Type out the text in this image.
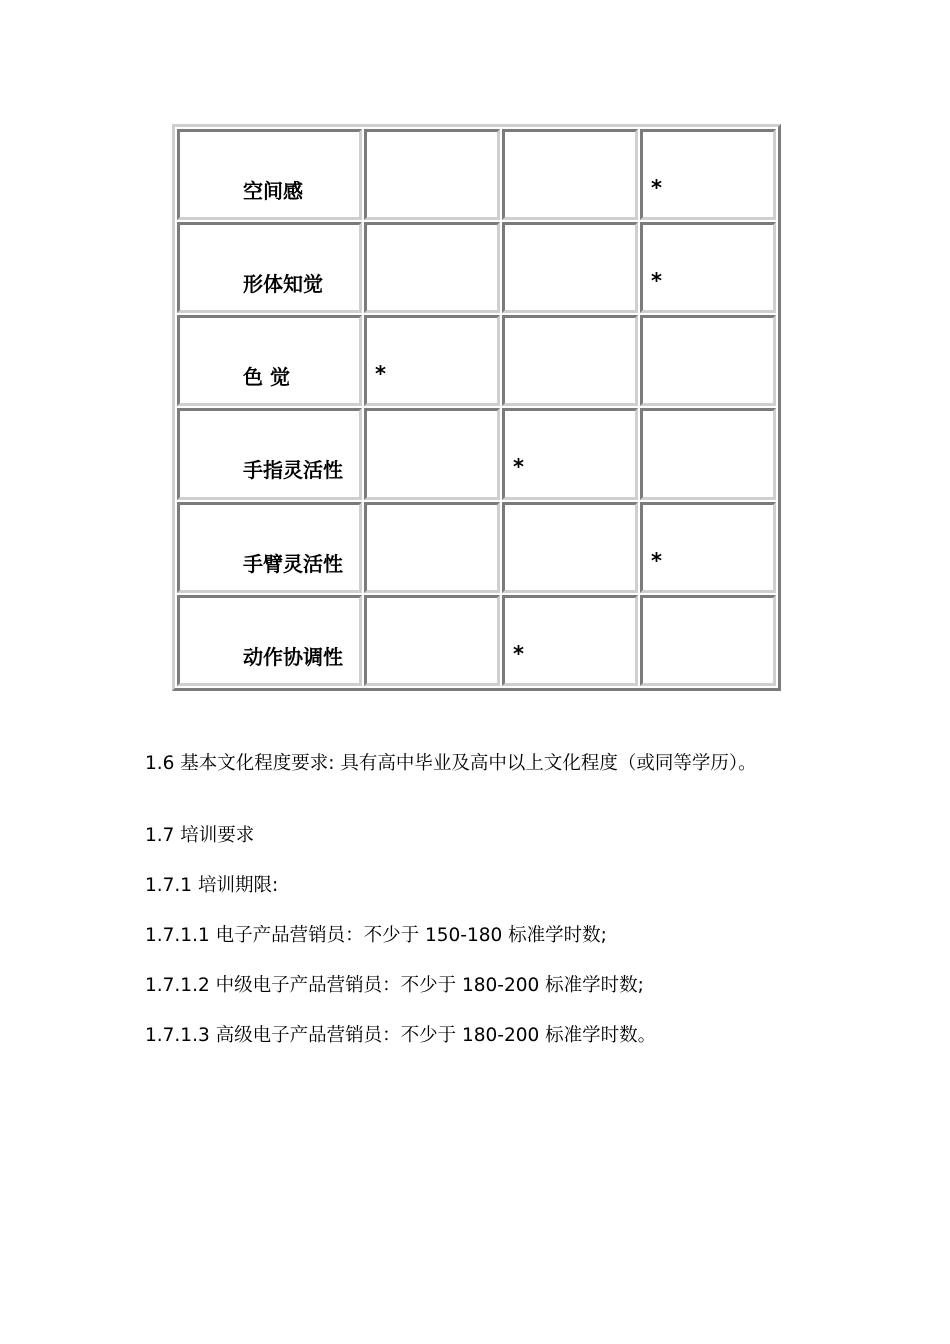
空间感			*

形体知觉			*

色 觉	*		

手指灵活性		*	

手臂灵活性			*

动作协调性		*	

1.6 基本文化程度要求: 具有高中毕业及高中以上文化程度（或同等学历）。

1.7 培训要求

1.7.1 培训期限:

1.7.1.1 电子产品营销员：不少于 150-180 标准学时数;

1.7.1.2 中级电子产品营销员：不少于 180-200 标准学时数;

1.7.1.3 高级电子产品营销员：不少于 180-200 标准学时数。
